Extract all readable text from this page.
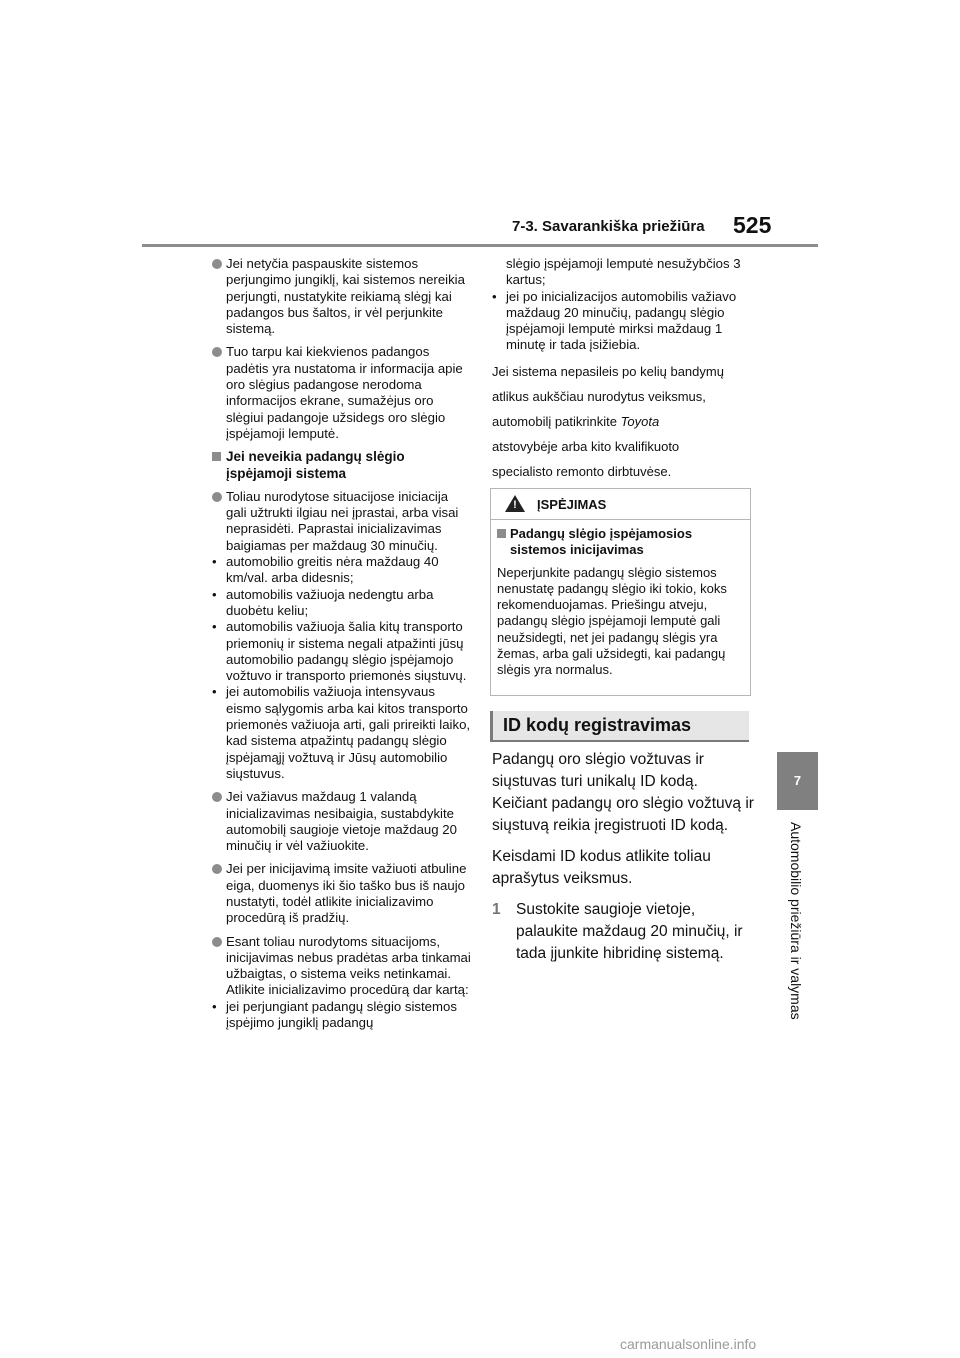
7-3. Savarankiška priežiūra 525
7
Automobilio priežiūra ir valymas
Jei netyčia paspauskite sistemos perjungimo jungiklį, kai sistemos nereikia perjungti, nustatykite reikiamą slėgį kai padangos bus šaltos, ir vėl perjunkite sistemą.
Tuo tarpu kai kiekvienos padangos padėtis yra nustatoma ir informacija apie oro slėgius padangose nerodoma informacijos ekrane, sumažėjus oro slėgiui padangoje užsidegs oro slėgio įspėjamoji lemputė.
Jei neveikia padangų slėgio įspėjamoji sistema
Toliau nurodytose situacijose iniciacija gali užtrukti ilgiau nei įprastai, arba visai neprasidėti. Paprastai inicializavimas baigiamas per maždaug 30 minučių.
• automobilio greitis nėra maždaug 40 km/val. arba didesnis;
• automobilis važiuoja nedengtu arba duobėtu keliu;
• automobilis važiuoja šalia kitų transporto priemonių ir sistema negali atpažinti jūsų automobilio padangų slėgio įspėjamojo vožtuvo ir transporto priemonės siųstuvų.
• jei automobilis važiuoja intensyvaus eismo sąlygomis arba kai kitos transporto priemonės važiuoja arti, gali prireikti laiko, kad sistema atpažintų padangų slėgio įspėjamąjį vožtuvą ir Jūsų automobilio siųstuvus.
Jei važiavus maždaug 1 valandą inicializavimas nesibaigia, sustabdykite automobilį saugioje vietoje maždaug 20 minučių ir vėl važiuokite.
Jei per inicijavimą imsite važiuoti atbuline eiga, duomenys iki šio taško bus iš naujo nustatyti, todėl atlikite inicializavimo procedūrą iš pradžių.
Esant toliau nurodytoms situacijoms, inicijavimas nebus pradėtas arba tinkamai užbaigtas, o sistema veiks netinkamai. Atlikite inicializavimo procedūrą dar kartą:
• jei perjungiant padangų slėgio sistemos įspėjimo jungiklį padangų
slėgio įspėjamoji lemputė nesužybčios 3 kartus;
• jei po inicializacijos automobilis važiavo maždaug 20 minučių, padangų slėgio įspėjamoji lemputė mirksi maždaug 1 minutę ir tada įsižiebia.

Jei sistema nepasileis po kelių bandymų

atlikus aukščiau nurodytus veiksmus,

automobilį patikrinkite Toyota

atstovybėje arba kito kvalifikuoto

specialisto remonto dirbtuvėse.

! ĮSPĖJIMAS
Padangų slėgio įspėjamosios sistemos inicijavimas
Neperjunkite padangų slėgio sistemos nenustatę padangų slėgio iki tokio, koks rekomenduojamas. Priešingu atveju, padangų slėgio įspėjamoji lemputė gali neužsidegti, net jei padangų slėgis yra žemas, arba gali užsidegti, kai padangų slėgis yra normalus.
ID kodų registravimas

Padangų oro slėgio vožtuvas ir siųstuvas turi unikalų ID kodą. Keičiant padangų oro slėgio vožtuvą ir siųstuvą reikia įregistruoti ID kodą.

Keisdami ID kodus atlikite toliau aprašytus veiksmus.

1 Sustokite saugioje vietoje, palaukite maždaug 20 minučių, ir tada įjunkite hibridinę sistemą.
carmanualsonline.info
